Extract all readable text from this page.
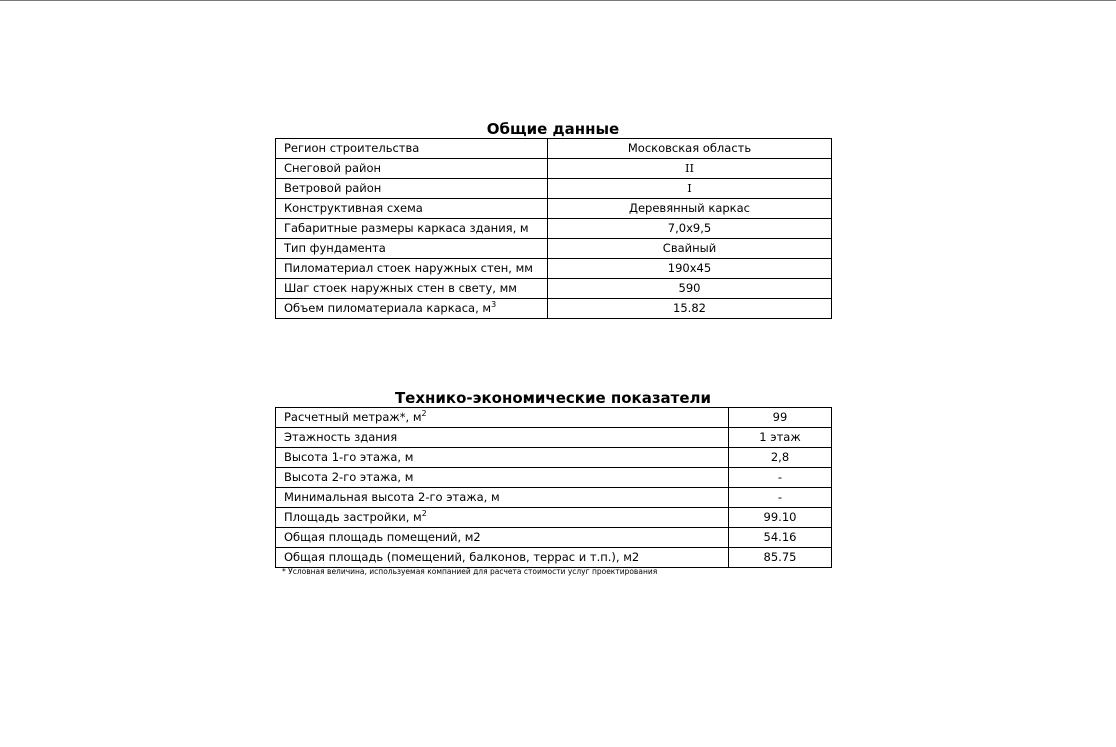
Общие данные
Регион строительства	Московская область
Снеговой район	II
Ветровой район	I
Конструктивная схема	Деревянный каркас
Габаритные размеры каркаса здания, м	7,0х9,5
Тип фундамента	Свайный
Пиломатериал стоек наружных стен, мм	190х45
Шаг стоек наружных стен в свету, мм	590
Объем пиломатериала каркаса, $м^3$	15.82
Технико-экономические показатели
Расчетный метраж*, $м^2$	99
Этажность здания	1 этаж
Высота 1-го этажа, м	2,8
Высота 2-го этажа, м	-
Минимальная высота 2-го этажа, м	-
Площадь застройки, $м^2$	99.10
Общая площадь помещений, м2	54.16
Общая площадь (помещений, балконов, террас и т.п.), м2	85.75
* Условная величина, используемая компанией для расчета стоимости услуг проектирования
